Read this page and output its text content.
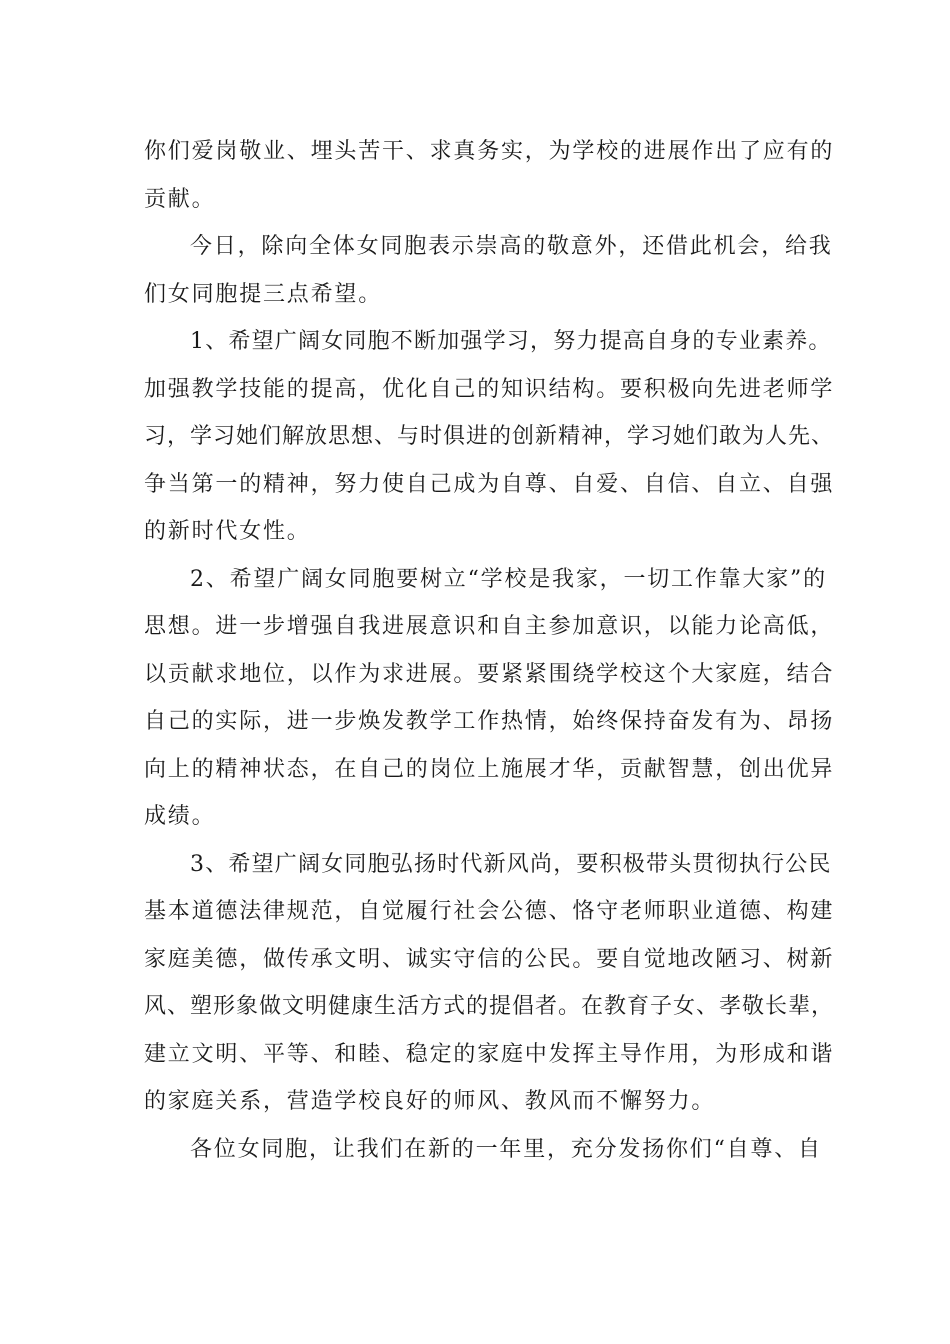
你们爱岗敬业、埋头苦干、求真务实，为学校的进展作出了应有的
贡献。
今日，除向全体女同胞表示崇高的敬意外，还借此机会，给我
们女同胞提三点希望。
1、希望广阔女同胞不断加强学习，努力提高自身的专业素养。
加强教学技能的提高，优化自己的知识结构。要积极向先进老师学
习，学习她们解放思想、与时俱进的创新精神，学习她们敢为人先、
争当第一的精神，努力使自己成为自尊、自爱、自信、自立、自强
的新时代女性。
2、希望广阔女同胞要树立“学校是我家，一切工作靠大家”的
思想。进一步增强自我进展意识和自主参加意识，以能力论高低，
以贡献求地位，以作为求进展。要紧紧围绕学校这个大家庭，结合
自己的实际，进一步焕发教学工作热情，始终保持奋发有为、昂扬
向上的精神状态，在自己的岗位上施展才华，贡献智慧，创出优异
成绩。
3、希望广阔女同胞弘扬时代新风尚，要积极带头贯彻执行公民
基本道德法律规范，自觉履行社会公德、恪守老师职业道德、构建
家庭美德，做传承文明、诚实守信的公民。要自觉地改陋习、树新
风、塑形象做文明健康生活方式的提倡者。在教育子女、孝敬长辈，
建立文明、平等、和睦、稳定的家庭中发挥主导作用，为形成和谐
的家庭关系，营造学校良好的师风、教风而不懈努力。
各位女同胞，让我们在新的一年里，充分发扬你们“自尊、自
